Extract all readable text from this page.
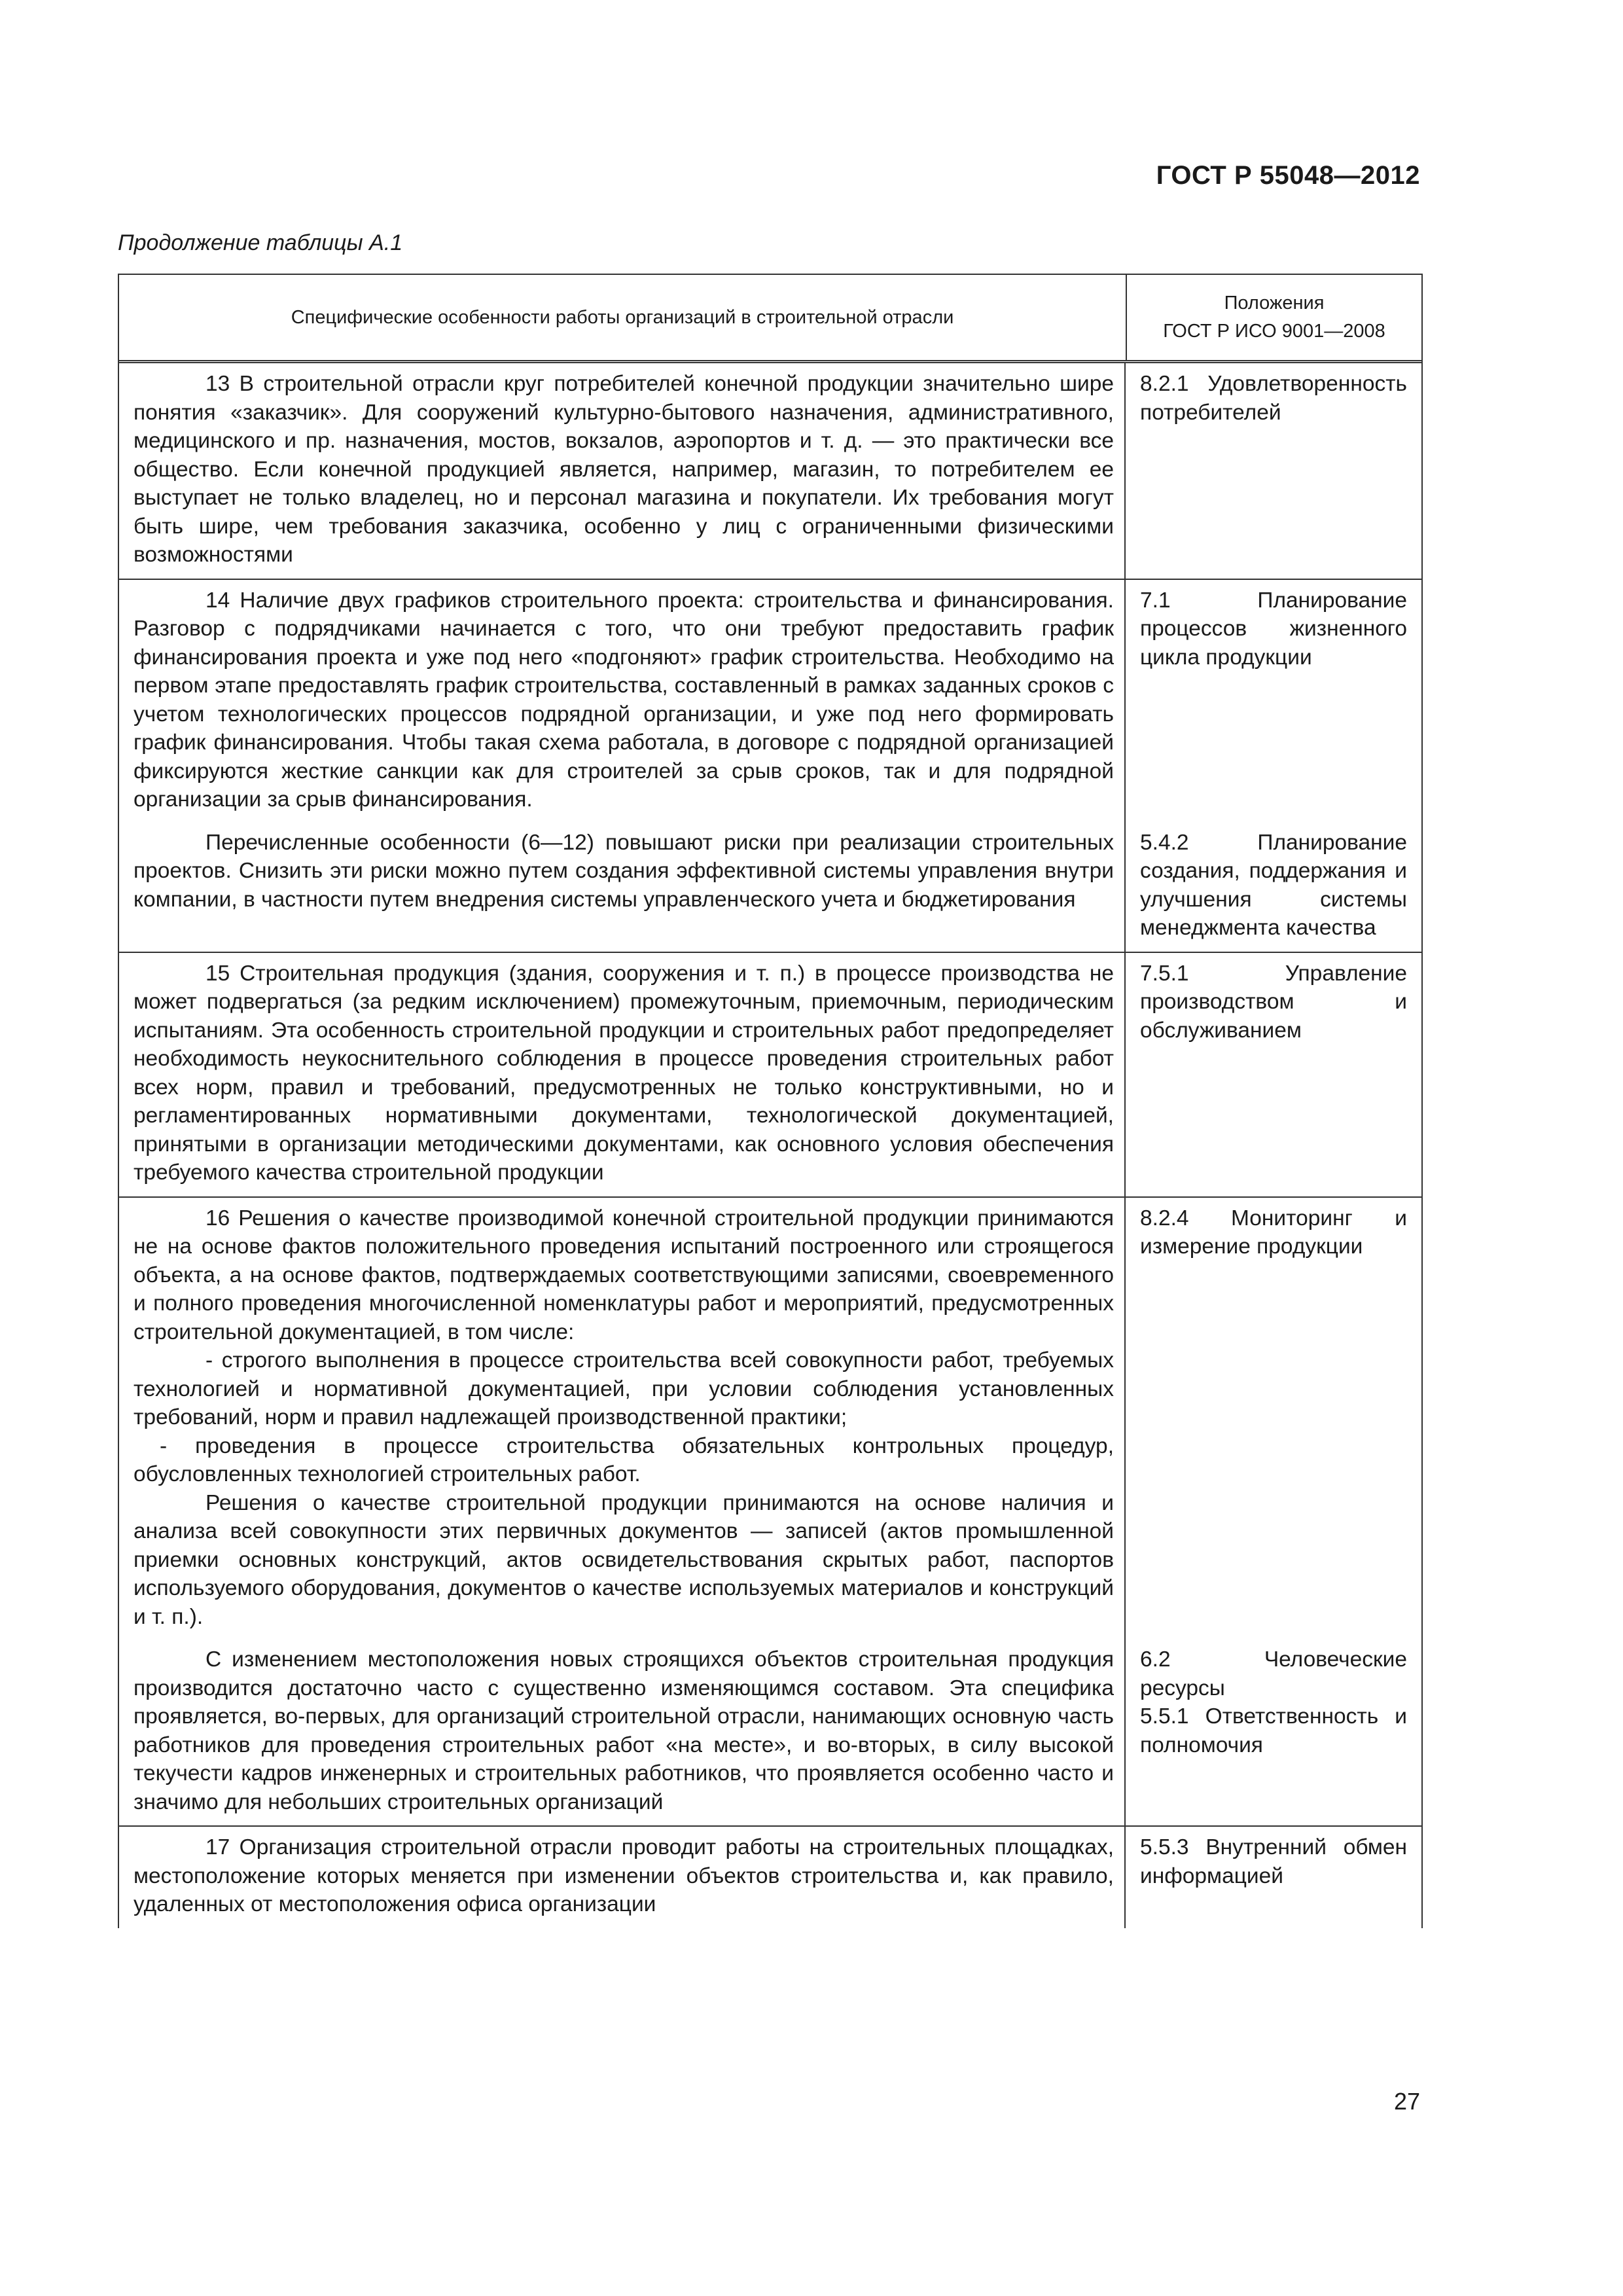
ГОСТ Р 55048—2012
Продолжение таблицы А.1
Специфические особенности работы организаций в строительной отрасли
Положения
ГОСТ Р ИСО 9001—2008

13 В строительной отрасли круг потребителей конечной продукции значительно шире понятия «заказчик». Для сооружений культурно-бытового назначения, административного, медицинского и пр. назначения, мостов, вокзалов, аэропортов и т. д. — это практически все общество. Если конечной продукцией является, например, магазин, то потребителем ее выступает не только владелец, но и персонал магазина и покупатели. Их требования могут быть шире, чем требования заказчика, особенно у лиц с ограниченными физическими возможностями

8.2.1 Удовлетворенность потребителей

14 Наличие двух графиков строительного проекта: строительства и финансирования. Разговор с подрядчиками начинается с того, что они требуют предоставить график финансирования проекта и уже под него «подгоняют» график строительства. Необходимо на первом этапе предоставлять график строительства, составленный в рамках заданных сроков с учетом технологических процессов подрядной организации, и уже под него формировать график финансирования. Чтобы такая схема работала, в договоре с подрядной организацией фиксируются жесткие санкции как для строителей за срыв сроков, так и для подрядной организации за срыв финансирования.

7.1 Планирование процессов жизненного цикла продукции

Перечисленные особенности (6—12) повышают риски при реализации строительных проектов. Снизить эти риски можно путем создания эффективной системы управления внутри компании, в частности путем внедрения системы управленческого учета и бюджетирования

5.4.2 Планирование создания, поддержания и улучшения системы менеджмента качества

15 Строительная продукция (здания, сооружения и т. п.) в процессе производства не может подвергаться (за редким исключением) промежуточным, приемочным, периодическим испытаниям. Эта особенность строительной продукции и строительных работ предопределяет необходимость неукоснительного соблюдения в процессе проведения строительных работ всех норм, правил и требований, предусмотренных не только конструктивными, но и регламентированных нормативными документами, технологической документацией, принятыми в организации методическими документами, как основного условия обеспечения требуемого качества строительной продукции

7.5.1 Управление производством и обслуживанием

16 Решения о качестве производимой конечной строительной продукции принимаются не на основе фактов положительного проведения испытаний построенного или строящегося объекта, а на основе фактов, подтверждаемых соответствующими записями, своевременного и полного проведения многочисленной номенклатуры работ и мероприятий, предусмотренных строительной документацией, в том числе:

- строгого выполнения в процессе строительства всей совокупности работ, требуемых технологией и нормативной документацией, при условии соблюдения установленных требований, норм и правил надлежащей производственной практики;

- проведения в процессе строительства обязательных контрольных процедур, обусловленных технологией строительных работ.

Решения о качестве строительной продукции принимаются на основе наличия и анализа всей совокупности этих первичных документов — записей (актов промышленной приемки основных конструкций, актов освидетельствования скрытых работ, паспортов используемого оборудования, документов о качестве используемых материалов и конструкций и т. п.).

8.2.4 Мониторинг и измерение продукции

С изменением местоположения новых строящихся объектов строительная продукция производится достаточно часто с существенно изменяющимся составом. Эта специфика проявляется, во-первых, для организаций строительной отрасли, нанимающих основную часть работников для проведения строительных работ «на месте», и во-вторых, в силу высокой текучести кадров инженерных и строительных работников, что проявляется особенно часто и значимо для небольших строительных организаций

6.2 Человеческие ресурсы

5.5.1 Ответственность и полномочия

17 Организация строительной отрасли проводит работы на строительных площадках, местоположение которых меняется при изменении объектов строительства и, как правило, удаленных от местоположения офиса организации

5.5.3 Внутренний обмен информацией

27
